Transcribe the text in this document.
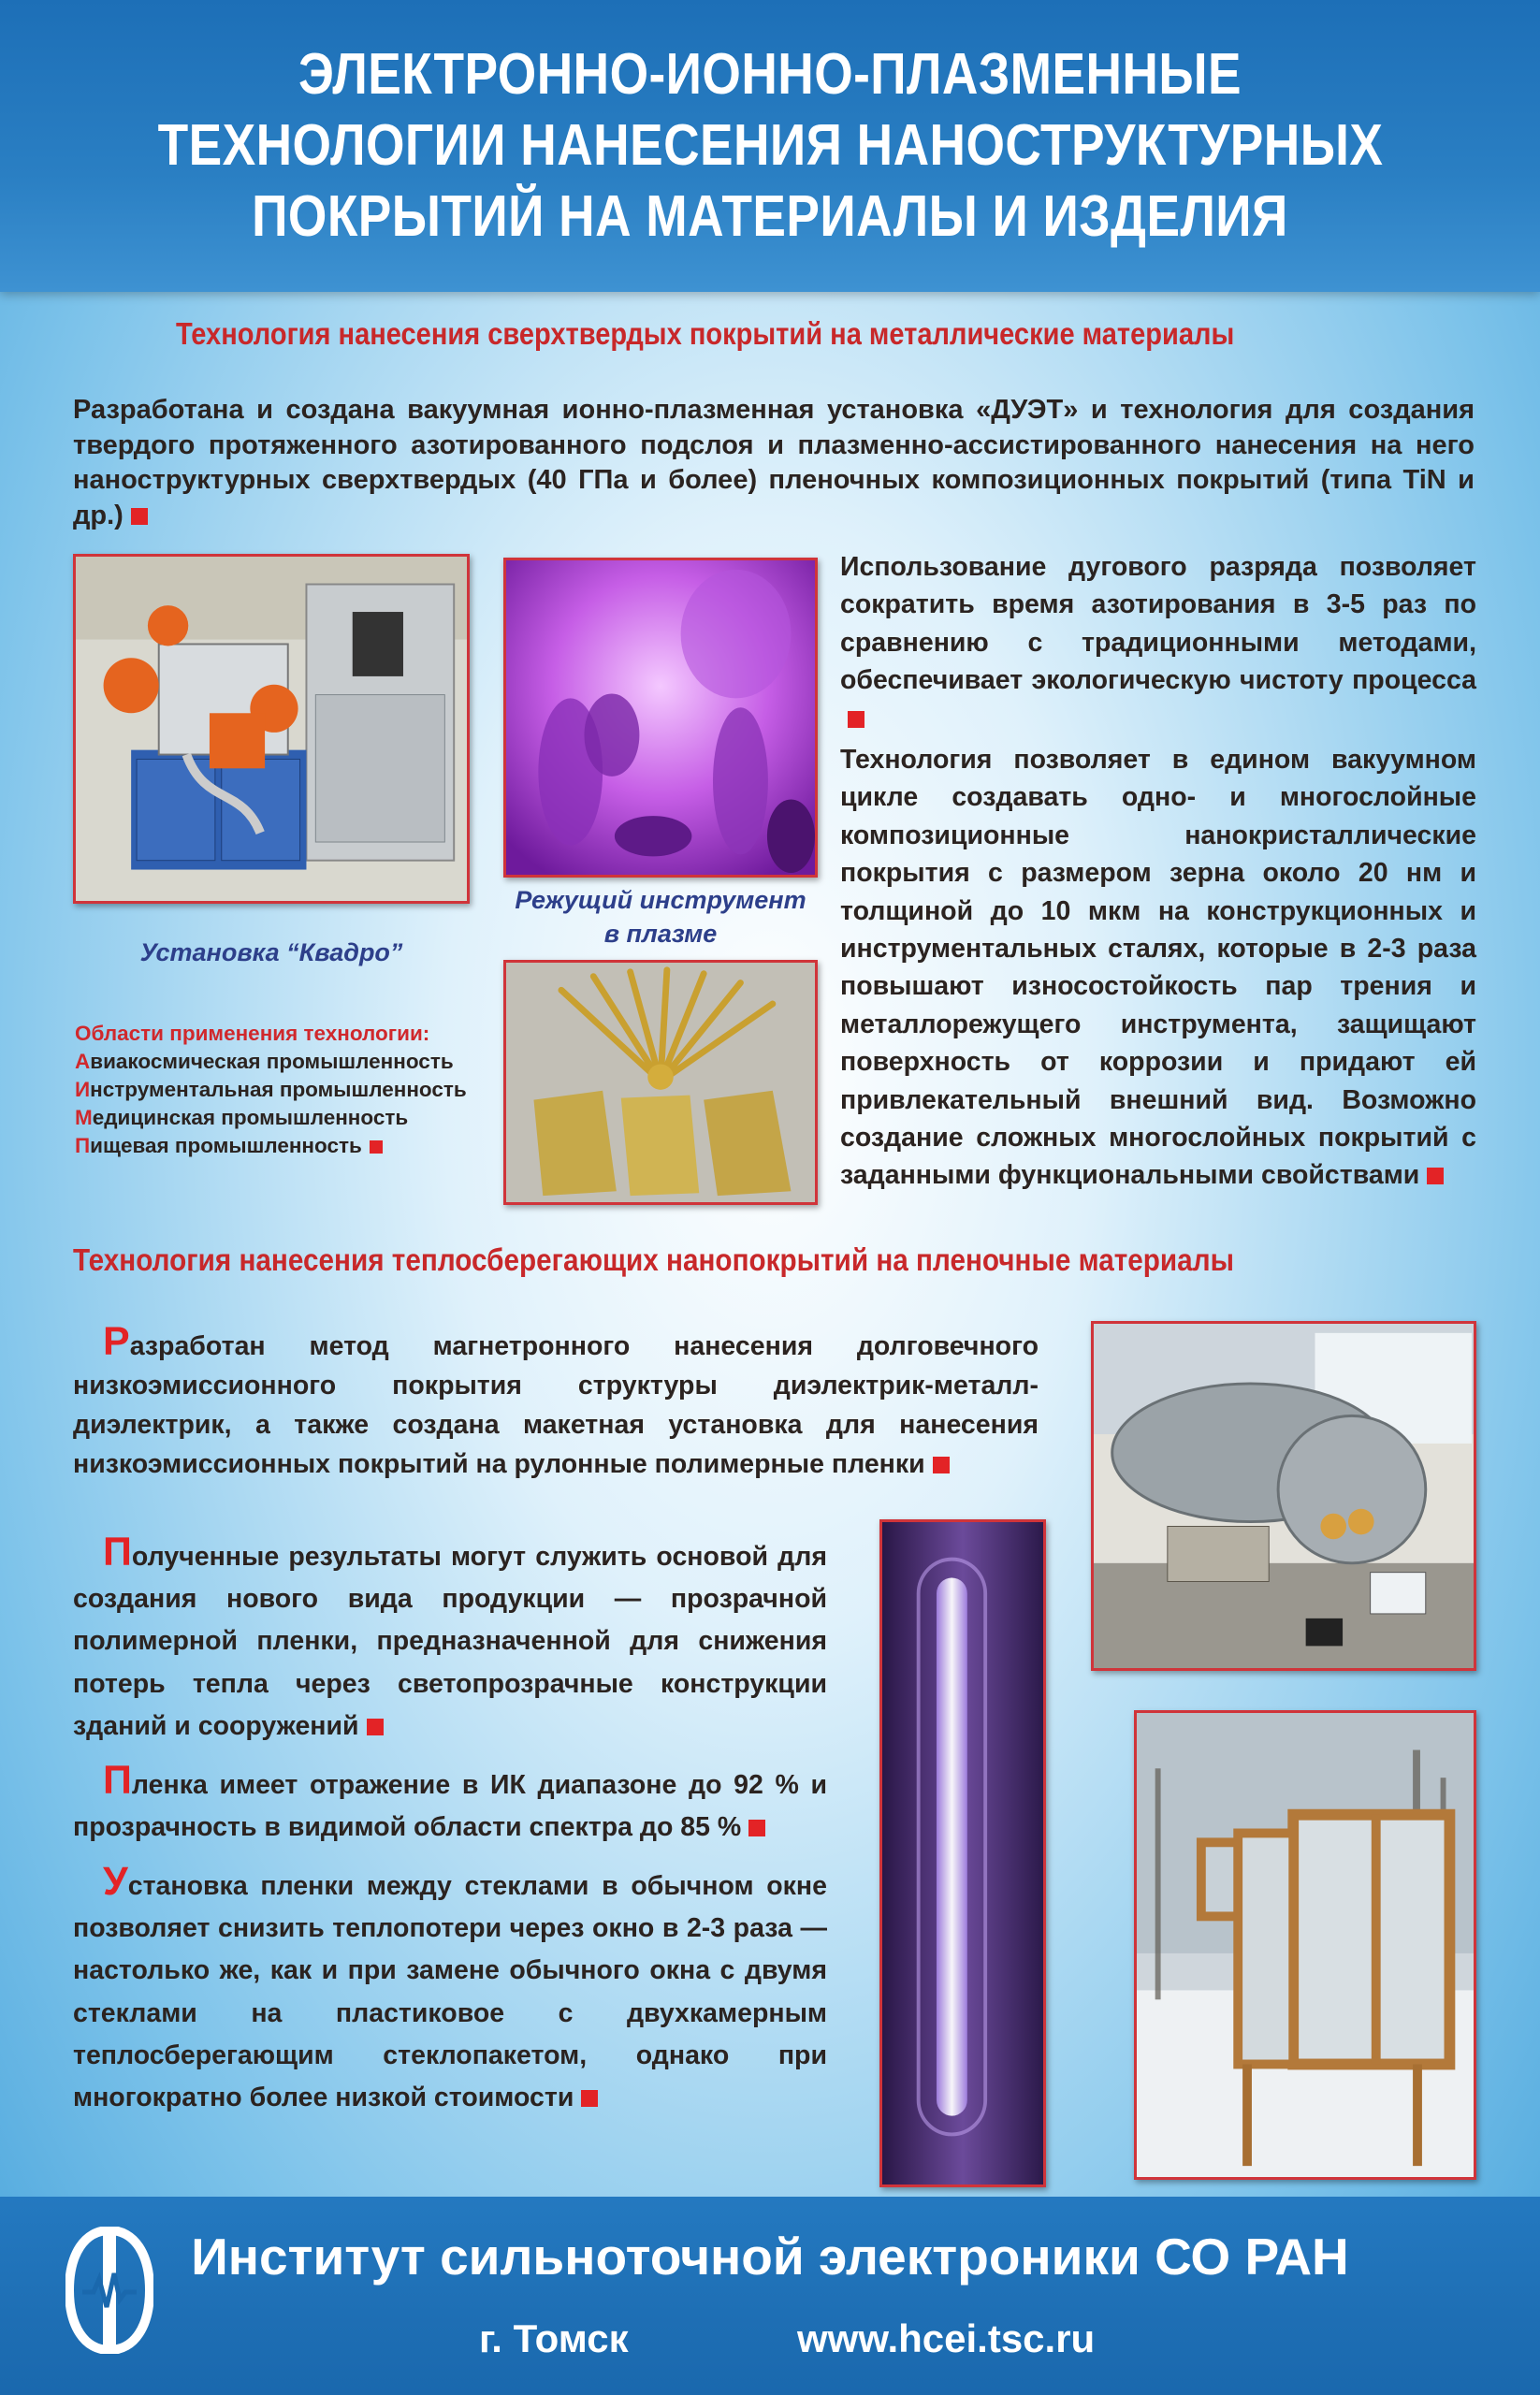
ЭЛЕКТРОННО-ИОННО-ПЛАЗМЕННЫЕ
ТЕХНОЛОГИИ НАНЕСЕНИЯ НАНОСТРУКТУРНЫХ
ПОКРЫТИЙ НА МАТЕРИАЛЫ И ИЗДЕЛИЯ
Технология нанесения сверхтвердых покрытий на металлические материалы

Разработана и создана вакуумная ионно-плазменная установка «ДУЭТ» и технология для создания твердого протяженного азотированного подслоя и плазменно-ассистированного нанесения на него наноструктурных сверхтвердых (40 ГПа и более) пленочных композиционных покрытий (типа TiN и др.)

Установка “Квадро”
Режущий инструмент
в плазме

Использование дугового разряда позволяет сократить время азотирования в 3-5 раз по сравнению с традиционными методами, обеспечивает экологическую чистоту процесса

Технология позволяет в едином вакуумном цикле создавать одно- и многослойные композиционные нанокристаллические покрытия с размером зерна около 20 нм и толщиной до 10 мкм на конструкционных и инструментальных сталях, которые в 2-3 раза повышают износостойкость пар трения и металлорежущего инструмента, защищают поверхность от коррозии и придают ей привлекательный внешний вид. Возможно создание сложных многослойных покрытий с заданными функциональными свойствами

Области применения технологии:
Авиакосмическая промышленность
Инструментальная промышленность
Медицинская промышленность
Пищевая промышленность
Технология нанесения теплосберегающих нанопокрытий на пленочные материалы

Разработан метод магнетронного нанесения долговечного низкоэмиссионного покрытия структуры диэлектрик-металл-диэлектрик, а также создана макетная установка для нанесения низкоэмиссионных покрытий на рулонные полимерные пленки

Полученные результаты могут служить основой для создания нового вида продукции — прозрачной полимерной пленки, предназначенной для снижения потерь тепла через светопрозрачные конструкции зданий и сооружений

Пленка имеет отражение в ИК диапазоне до 92 % и прозрачность в видимой области спектра до 85 %

Установка пленки между стеклами в обычном окне позволяет снизить теплопотери через окно в 2-3 раза — настолько же, как и при замене обычного окна с двумя стеклами на пластиковое с двухкамерным теплосберегающим стеклопакетом, однако при многократно более низкой стоимости

Институт сильноточной электроники СО РАН
г. Томск	www.hcei.tsc.ru
